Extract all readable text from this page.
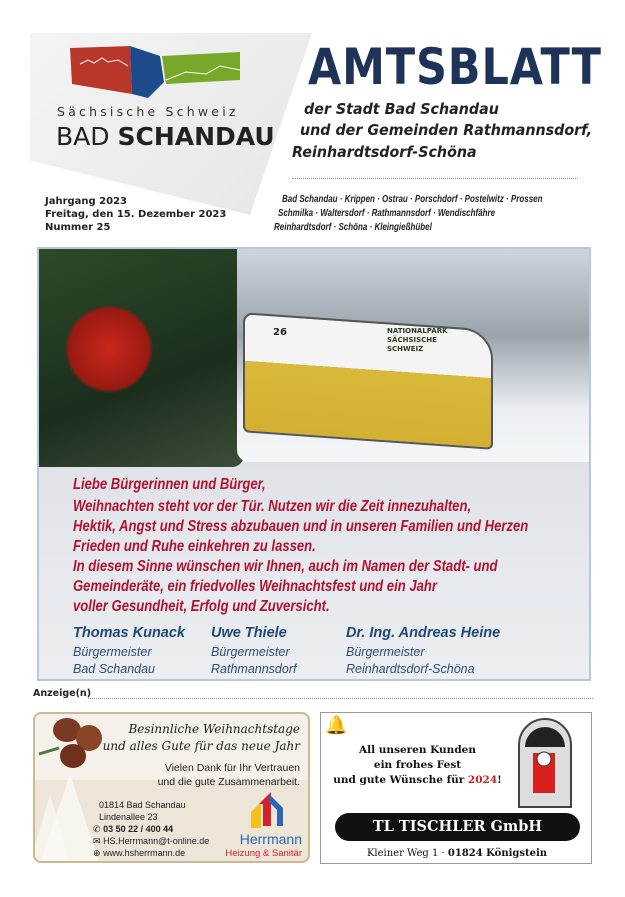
Sächsische Schweiz
BAD SCHANDAU
AMTSBLATT
der Stadt Bad Schandau
und der Gemeinden Rathmannsdorf,
Reinhardtsdorf-Schöna
Jahrgang 2023
Freitag, den 15. Dezember 2023
Nummer 25
Bad Schandau · Krippen · Ostrau · Porschdorf · Postelwitz · Prossen
Schmilka · Waltersdorf · Rathmannsdorf · Wendischfähre
Reinhardtsdorf · Schöna · Kleingießhübel
26	NATIONALPARK SÄCHSISCHE SCHWEIZ

Liebe Bürgerinnen und Bürger,

Weihnachten steht vor der Tür. Nutzen wir die Zeit innezuhalten,

Hektik, Angst und Stress abzubauen und in unseren Familien und Herzen

Frieden und Ruhe einkehren zu lassen.

In diesem Sinne wünschen wir Ihnen, auch im Namen der Stadt- und

Gemeinderäte, ein friedvolles Weihnachtsfest und ein Jahr

voller Gesundheit, Erfolg und Zuversicht.

Thomas Kunack
Bürgermeister
Bad Schandau
Uwe Thiele
Bürgermeister
Rathmannsdorf
Dr. Ing. Andreas Heine
Bürgermeister
Reinhardtsdorf-Schöna
Anzeige(n)
Besinnliche Weihnachtstage
und alles Gute für das neue Jahr
Vielen Dank für Ihr Vertrauen
und die gute Zusammenarbeit.
01814 Bad Schandau
Lindenallee 23
✆ 03 50 22 / 400 44
✉ HS.Herrmann@t-online.de
⊕ www.hsherrmann.de
Herrmann
Heizung & Sanitär
🔔
All unseren Kunden
ein frohes Fest
und gute Wünsche für 2024!
TL TISCHLER GmbH
Kleiner Weg 1 · 01824 Königstein
